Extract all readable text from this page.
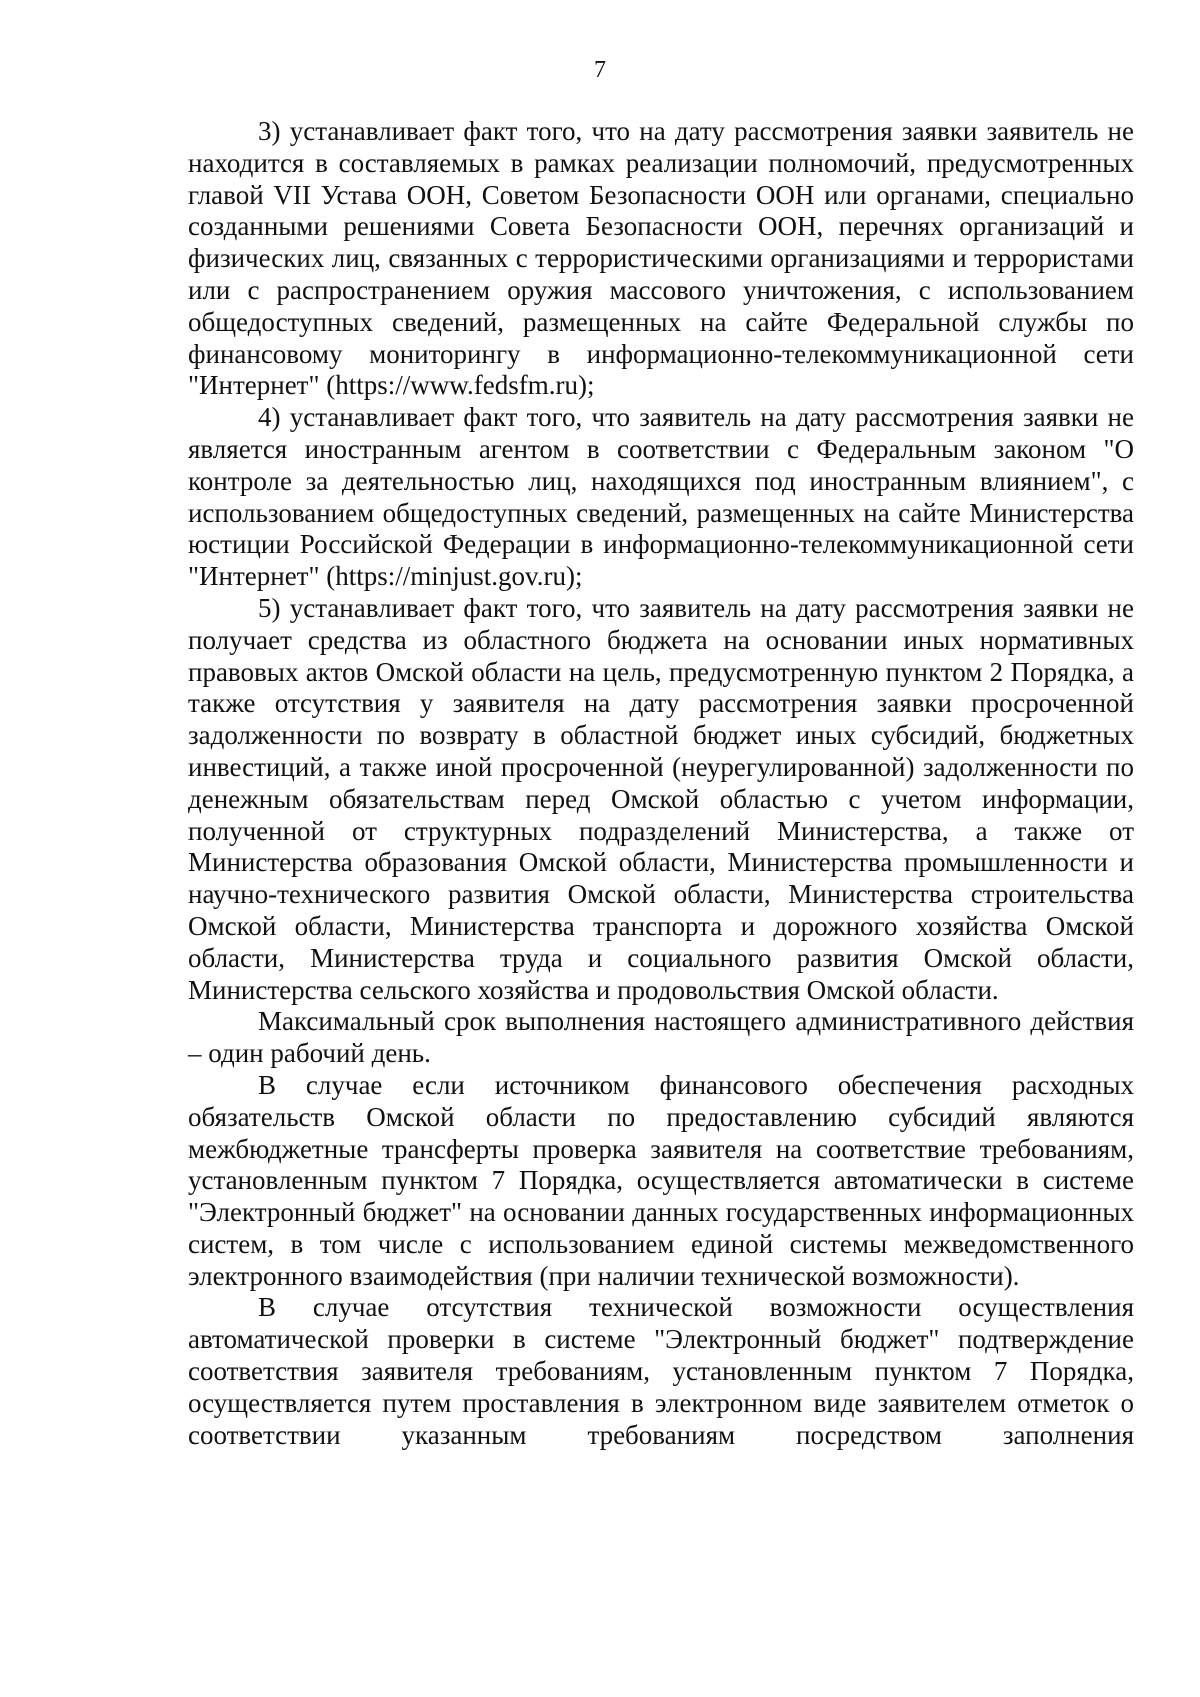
7

3) устанавливает факт того, что на дату рассмотрения заявки заявитель не находится в составляемых в рамках реализации полномочий, предусмотренных главой VII Устава ООН, Советом Безопасности ООН или органами, специально созданными решениями Совета Безопасности ООН, перечнях организаций и физических лиц, связанных с террористическими организациями и террористами или с распространением оружия массового уничтожения, с использованием общедоступных сведений, размещенных на сайте Федеральной службы по финансовому мониторингу в информационно-телекоммуникационной сети "Интернет" (https://www.fedsfm.ru);

4) устанавливает факт того, что заявитель на дату рассмотрения заявки не является иностранным агентом в соответствии с Федеральным законом "О контроле за деятельностью лиц, находящихся под иностранным влиянием", с использованием общедоступных сведений, размещенных на сайте Министерства юстиции Российской Федерации в информационно-телекоммуникационной сети "Интернет" (https://minjust.gov.ru);

5) устанавливает факт того, что заявитель на дату рассмотрения заявки не получает средства из областного бюджета на основании иных нормативных правовых актов Омской области на цель, предусмотренную пунктом 2 Порядка, а также отсутствия у заявителя на дату рассмотрения заявки просроченной задолженности по возврату в областной бюджет иных субсидий, бюджетных инвестиций, а также иной просроченной (неурегулированной) задолженности по денежным обязательствам перед Омской областью с учетом информации, полученной от структурных подразделений Министерства, а также от Министерства образования Омской области, Министерства промышленности и научно-технического развития Омской области, Министерства строительства Омской области, Министерства транспорта и дорожного хозяйства Омской области, Министерства труда и социального развития Омской области, Министерства сельского хозяйства и продовольствия Омской области.

Максимальный срок выполнения настоящего административного действия – один рабочий день.

В случае если источником финансового обеспечения расходных обязательств Омской области по предоставлению субсидий являются межбюджетные трансферты проверка заявителя на соответствие требованиям, установленным пунктом 7 Порядка, осуществляется автоматически в системе "Электронный бюджет" на основании данных государственных информационных систем, в том числе с использованием единой системы межведомственного электронного взаимодействия (при наличии технической возможности).

В случае отсутствия технической возможности осуществления автоматической проверки в системе "Электронный бюджет" подтверждение соответствия заявителя требованиям, установленным пунктом 7 Порядка, осуществляется путем проставления в электронном виде заявителем отметок о соответствии указанным требованиям посредством заполнения
